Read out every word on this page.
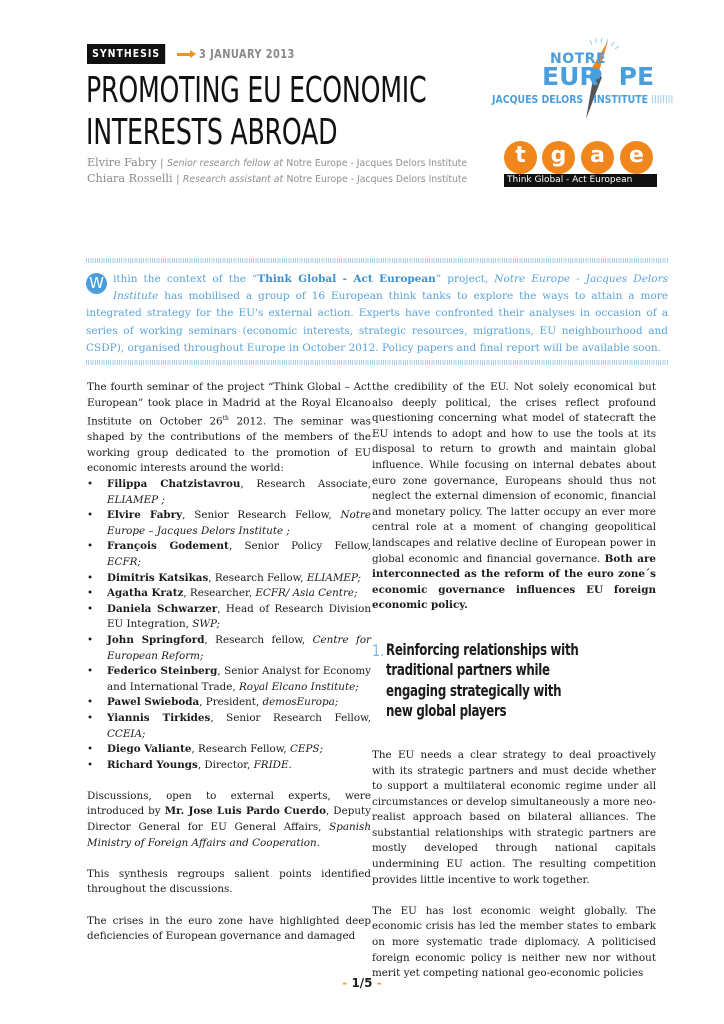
SYNTHESIS	3 JANUARY 2013
PROMOTING EU ECONOMIC
INTERESTS ABROAD
Elvire Fabry | Senior research fellow at Notre Europe - Jacques Delors Institute
Chiara Rosselli | Research assistant at Notre Europe - Jacques Delors Institute
NOTRE
EUR PE
JACQUES DELORS INSTITUTE IIIIIIII
t	g	a	e
Think Global - Act European
W ithin the context of the “Think Global - Act European” project, Notre Europe - Jacques Delors Institute has mobilised a group of 16 European think tanks to explore the ways to attain a more integrated strategy for the EU's external action. Experts have confronted their analyses in occasion of a series of working seminars (economic interests, strategic resources, migrations, EU neighbourhood and CSDP), organised throughout Europe in October 2012. Policy papers and final report will be available soon.

The fourth seminar of the project “Think Global – Act European” took place in Madrid at the Royal Elcano Institute on October 26th 2012. The seminar was shaped by the contributions of the members of the working group dedicated to the promotion of EU economic interests around the world:

• Filippa Chatzistavrou, Research Associate, ELIAMEP ;
• Elvire Fabry, Senior Research Fellow, Notre Europe – Jacques Delors Institute ;
• François Godement, Senior Policy Fellow, ECFR;
• Dimitris Katsikas, Research Fellow, ELIAMEP;
• Agatha Kratz, Researcher, ECFR/ Asia Centre;
• Daniela Schwarzer, Head of Research Division EU Integration, SWP;
• John Springford, Research fellow, Centre for European Reform;
• Federico Steinberg, Senior Analyst for Economy and International Trade, Royal Elcano Institute;
• Pawel Swieboda, President, demosEuropa;
• Yiannis Tirkides, Senior Research Fellow, CCEIA;
• Diego Valiante, Research Fellow, CEPS;
• Richard Youngs, Director, FRIDE.

Discussions, open to external experts, were introduced by Mr. Jose Luis Pardo Cuerdo, Deputy Director General for EU General Affairs, Spanish Ministry of Foreign Affairs and Cooperation.

This synthesis regroups salient points identified throughout the discussions.

The crises in the euro zone have highlighted deep deficiencies of European governance and damaged

the credibility of the EU. Not solely economical but also deeply political, the crises reflect profound questioning concerning what model of statecraft the EU intends to adopt and how to use the tools at its disposal to return to growth and maintain global influence. While focusing on internal debates about euro zone governance, Europeans should thus not neglect the external dimension of economic, financial and monetary policy. The latter occupy an ever more central role at a moment of changing geopolitical landscapes and relative decline of European power in global economic and financial governance. Both are interconnected as the reform of the euro zone´s economic governance influences EU foreign economic policy.

1. Reinforcing relationships with traditional partners while engaging strategically with new global players

The EU needs a clear strategy to deal proactively with its strategic partners and must decide whether to support a multilateral economic regime under all circumstances or develop simultaneously a more neo-realist approach based on bilateral alliances. The substantial relationships with strategic partners are mostly developed through national capitals undermining EU action. The resulting competition provides little incentive to work together.

The EU has lost economic weight globally. The economic crisis has led the member states to embark on more systematic trade diplomacy. A politicised foreign economic policy is neither new nor without merit yet competing national geo-economic policies

- 1/5 -
